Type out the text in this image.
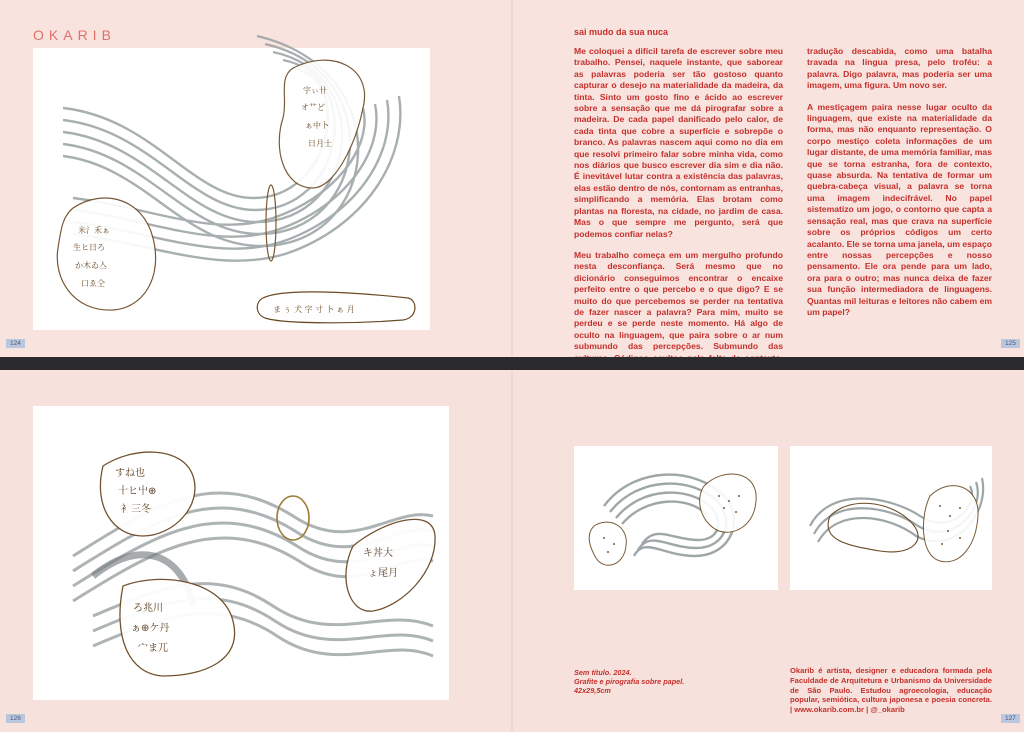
OKARIB
字ぃ卄
オ艹ど
ぁ中卜
日月士
米氵禾ぁ
生ヒ日ろ
か木ゐ亼
口ゑ仝
ま ぅ 犬 字 寸 卜 ぁ 月
124
sai mudo da sua nuca

Me coloquei a difícil tarefa de escrever sobre meu trabalho. Pensei, naquele instante, que saborear as palavras poderia ser tão gostoso quanto capturar o desejo na materialidade da madeira, da tinta. Sinto um gosto fino e ácido ao escrever sobre a sensação que me dá pirografar sobre a madeira. De cada papel danificado pelo calor, de cada tinta que cobre a superfície e sobrepõe o branco. As palavras nascem aqui como no dia em que resolvi primeiro falar sobre minha vida, como nos diários que busco escrever dia sim e dia não. É inevitável lutar contra a existência das palavras, elas estão dentro de nós, contornam as entranhas, simplificando a memória. Elas brotam como plantas na floresta, na cidade, no jardim de casa. Mas o que sempre me pergunto, será que podemos confiar nelas?

Meu trabalho começa em um mergulho profundo nesta desconfiança. Será mesmo que no dicionário conseguimos encontrar o encaixe perfeito entre o que percebo e o que digo? E se muito do que percebemos se perder na tentativa de fazer nascer a palavra? Para mim, muito se perdeu e se perde neste momento. Há algo de oculto na linguagem, que paira sobre o ar num submundo das percepções. Submundo das

tradução descabida, como uma batalha travada na língua presa, pelo troféu: a palavra. Digo palavra, mas poderia ser uma imagem, uma figura. Um novo ser.

A mestiçagem paira nesse lugar oculto da linguagem, que existe na materialidade da forma, mas não enquanto representação. O corpo mestiço coleta informações de um lugar distante, de uma memória familiar, mas que se torna estranha, fora de contexto, quase absurda. Na tentativa de formar um quebra-cabeça visual, a palavra se torna uma imagem indecifrável. No papel sistematizo um jogo, o contorno que capta a sensação real, mas que crava na superfície sobre os próprios códigos um certo acalanto. Ele se torna uma janela, um espaço entre nossas percepções e nosso pensamento. Ele ora pende para um lado, ora para o outro; mas nunca deixa de fazer sua função intermediadora de linguagens. Quantas mil leituras e leitores não cabem em um papel?

125
すね也
十ヒ屮⊕
衤三冬
ろ兆川
ぁ⊕ケ丹
宀ま兀
キ丼大
ょ尾月
126
Sem título. 2024.
Grafite e pirografia sobre papel.
42x29,5cm
Okarib é artista, designer e educadora formada pela Faculdade de Arquitetura e Urbanismo da Universidade de São Paulo. Estudou agroecologia, educação popular, semiótica, cultura japonesa e poesia concreta. | www.okarib.com.br | @_okarib
127
